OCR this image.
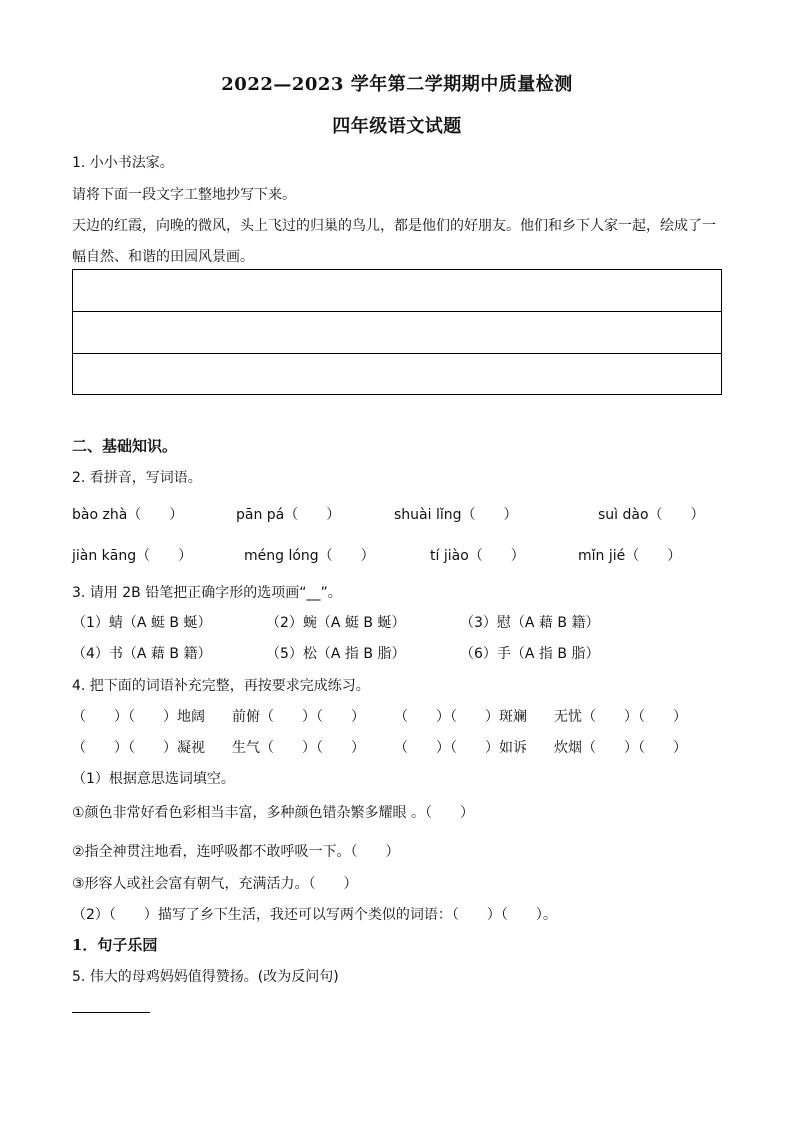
2022—2023 学年第二学期期中质量检测
四年级语文试题
1. 小小书法家。
请将下面一段文字工整地抄写下来。
天边的红霞，向晚的微风，头上飞过的归巢的鸟儿，都是他们的好朋友。他们和乡下人家一起，绘成了一
幅自然、和谐的田园风景画。
二、基础知识。
2. 看拼音，写词语。
bào zhà（　　）	pān pá（　　）	shuài lǐng（　　）	suì dào（　　）
jiàn kāng（　　）	méng lóng（　　）	tí jiào（　　）	mǐn jié（　　）
3. 请用 2B 铅笔把正确字形的选项画“__”。
（1）蜻（A 蜓 B 蜒）	（2）蜿（A 蜓 B 蜒）	（3）慰（A 藉 B 籍）
（4）书（A 藉 B 籍）	（5）松（A 指 B 脂）	（6）手（A 指 B 脂）
4. 把下面的词语补充完整，再按要求完成练习。
（　　）（　　）地阔 前俯（　　）（　　） （　　）（　　）斑斓 无忧（　　）（　　）
（　　）（　　）凝视 生气（　　）（　　） （　　）（　　）如诉 炊烟（　　）（　　）
（1）根据意思选词填空。
①颜色非常好看色彩相当丰富，多种颜色错杂繁多耀眼 。（　　）
②指全神贯注地看，连呼吸都不敢呼吸一下。（　　）
③形容人或社会富有朝气，充满活力。（　　）
（2）（　　）描写了乡下生活，我还可以写两个类似的词语：（　　）（　　）。
1．句子乐园
5. 伟大的母鸡妈妈值得赞扬。(改为反问句)
